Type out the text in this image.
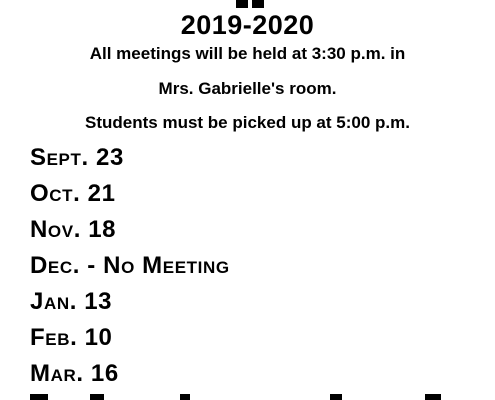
2019-2020
All meetings will be held at 3:30 p.m. in
Mrs. Gabrielle's room.
Students must be picked up at 5:00 p.m.
Sept. 23
Oct. 21
Nov. 18
Dec. - No Meeting
Jan. 13
Feb. 10
Mar. 16
